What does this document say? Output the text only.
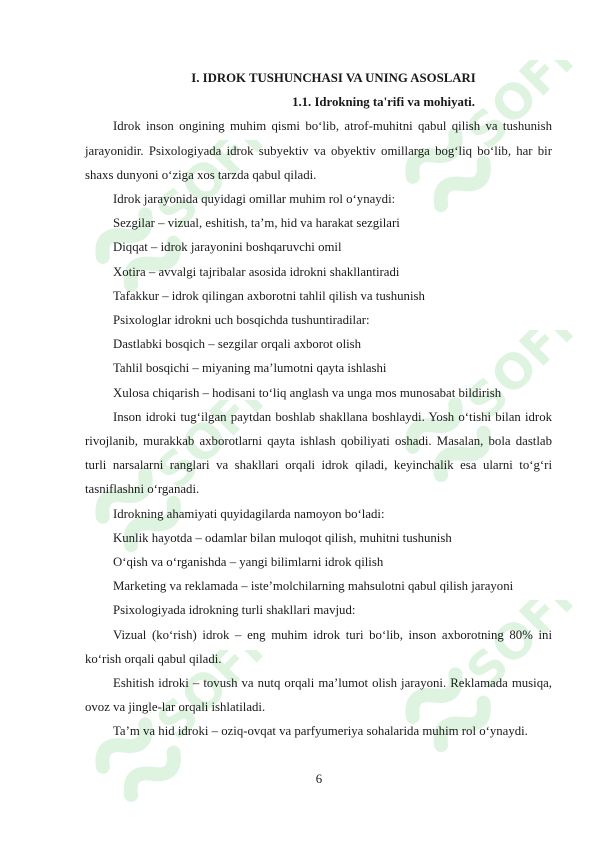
SOFF
SOFF
SOFF
SOFF
SOFF	SOFF

I. IDROK TUSHUNCHASI VA UNING ASOSLARI

1.1. Idrokning ta'rifi va mohiyati.

Idrok inson ongining muhim qismi bo‘lib, atrof-muhitni qabul qilish va tushunish jarayonidir. Psixologiyada idrok subyektiv va obyektiv omillarga bog‘liq bo‘lib, har bir shaxs dunyoni o‘ziga xos tarzda qabul qiladi.

Idrok jarayonida quyidagi omillar muhim rol o‘ynaydi:

Sezgilar – vizual, eshitish, ta’m, hid va harakat sezgilari

Diqqat – idrok jarayonini boshqaruvchi omil

Xotira – avvalgi tajribalar asosida idrokni shakllantiradi

Tafakkur – idrok qilingan axborotni tahlil qilish va tushunish

Psixologlar idrokni uch bosqichda tushuntiradilar:

Dastlabki bosqich – sezgilar orqali axborot olish

Tahlil bosqichi – miyaning ma’lumotni qayta ishlashi

Xulosa chiqarish – hodisani to‘liq anglash va unga mos munosabat bildirish

Inson idroki tug‘ilgan paytdan boshlab shakllana boshlaydi. Yosh o‘tishi bilan idrok rivojlanib, murakkab axborotlarni qayta ishlash qobiliyati oshadi. Masalan, bola dastlab turli narsalarni ranglari va shakllari orqali idrok qiladi, keyinchalik esa ularni to‘g‘ri tasniflashni o‘rganadi.

Idrokning ahamiyati quyidagilarda namoyon bo‘ladi:

Kunlik hayotda – odamlar bilan muloqot qilish, muhitni tushunish

O‘qish va o‘rganishda – yangi bilimlarni idrok qilish

Marketing va reklamada – iste’molchilarning mahsulotni qabul qilish jarayoni

Psixologiyada idrokning turli shakllari mavjud:

Vizual (ko‘rish) idrok – eng muhim idrok turi bo‘lib, inson axborotning 80% ini ko‘rish orqali qabul qiladi.

Eshitish idroki – tovush va nutq orqali ma’lumot olish jarayoni. Reklamada musiqa, ovoz va jingle-lar orqali ishlatiladi.

Ta’m va hid idroki – oziq-ovqat va parfyumeriya sohalarida muhim rol o‘ynaydi.

6
